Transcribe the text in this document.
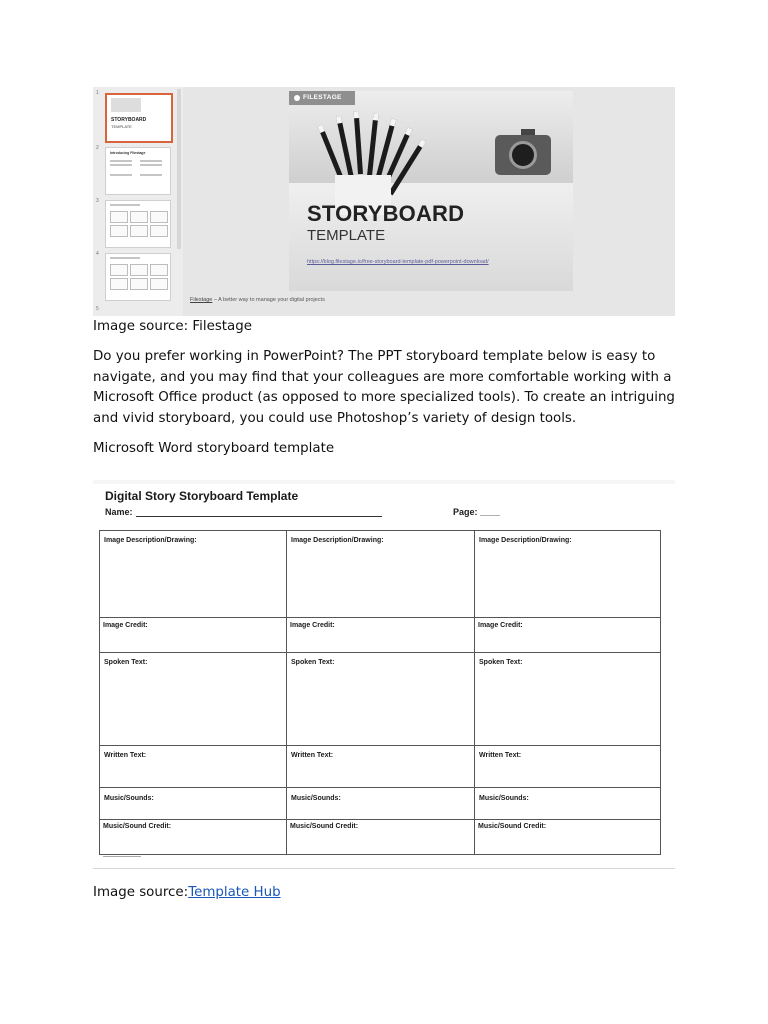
1
STORYBOARD
TEMPLATE
2
Introducing Filestage
3
4
5
FILESTAGE
STORYBOARD
TEMPLATE
https://blog.filestage.io/free-storyboard-template-pdf-powerpoint-download/
Filestage – A better way to manage your digital projects

Image source: Filestage

Do you prefer working in PowerPoint? The PPT storyboard template below is easy to navigate, and you may find that your colleagues are more comfortable working with a Microsoft Office product (as opposed to more specialized tools). To create an intriguing and vivid storyboard, you could use Photoshop’s variety of design tools.

Microsoft Word storyboard template

Digital Story Storyboard Template
Name:	Page: ____
Image Description/Drawing:	Image Description/Drawing:	Image Description/Drawing:
Image Credit:	Image Credit:	Image Credit:
Spoken Text:	Spoken Text:	Spoken Text:
Written Text:	Written Text:	Written Text:
Music/Sounds:	Music/Sounds:	Music/Sounds:
Music/Sound Credit:	Music/Sound Credit:	Music/Sound Credit:

Image source:Template Hub
